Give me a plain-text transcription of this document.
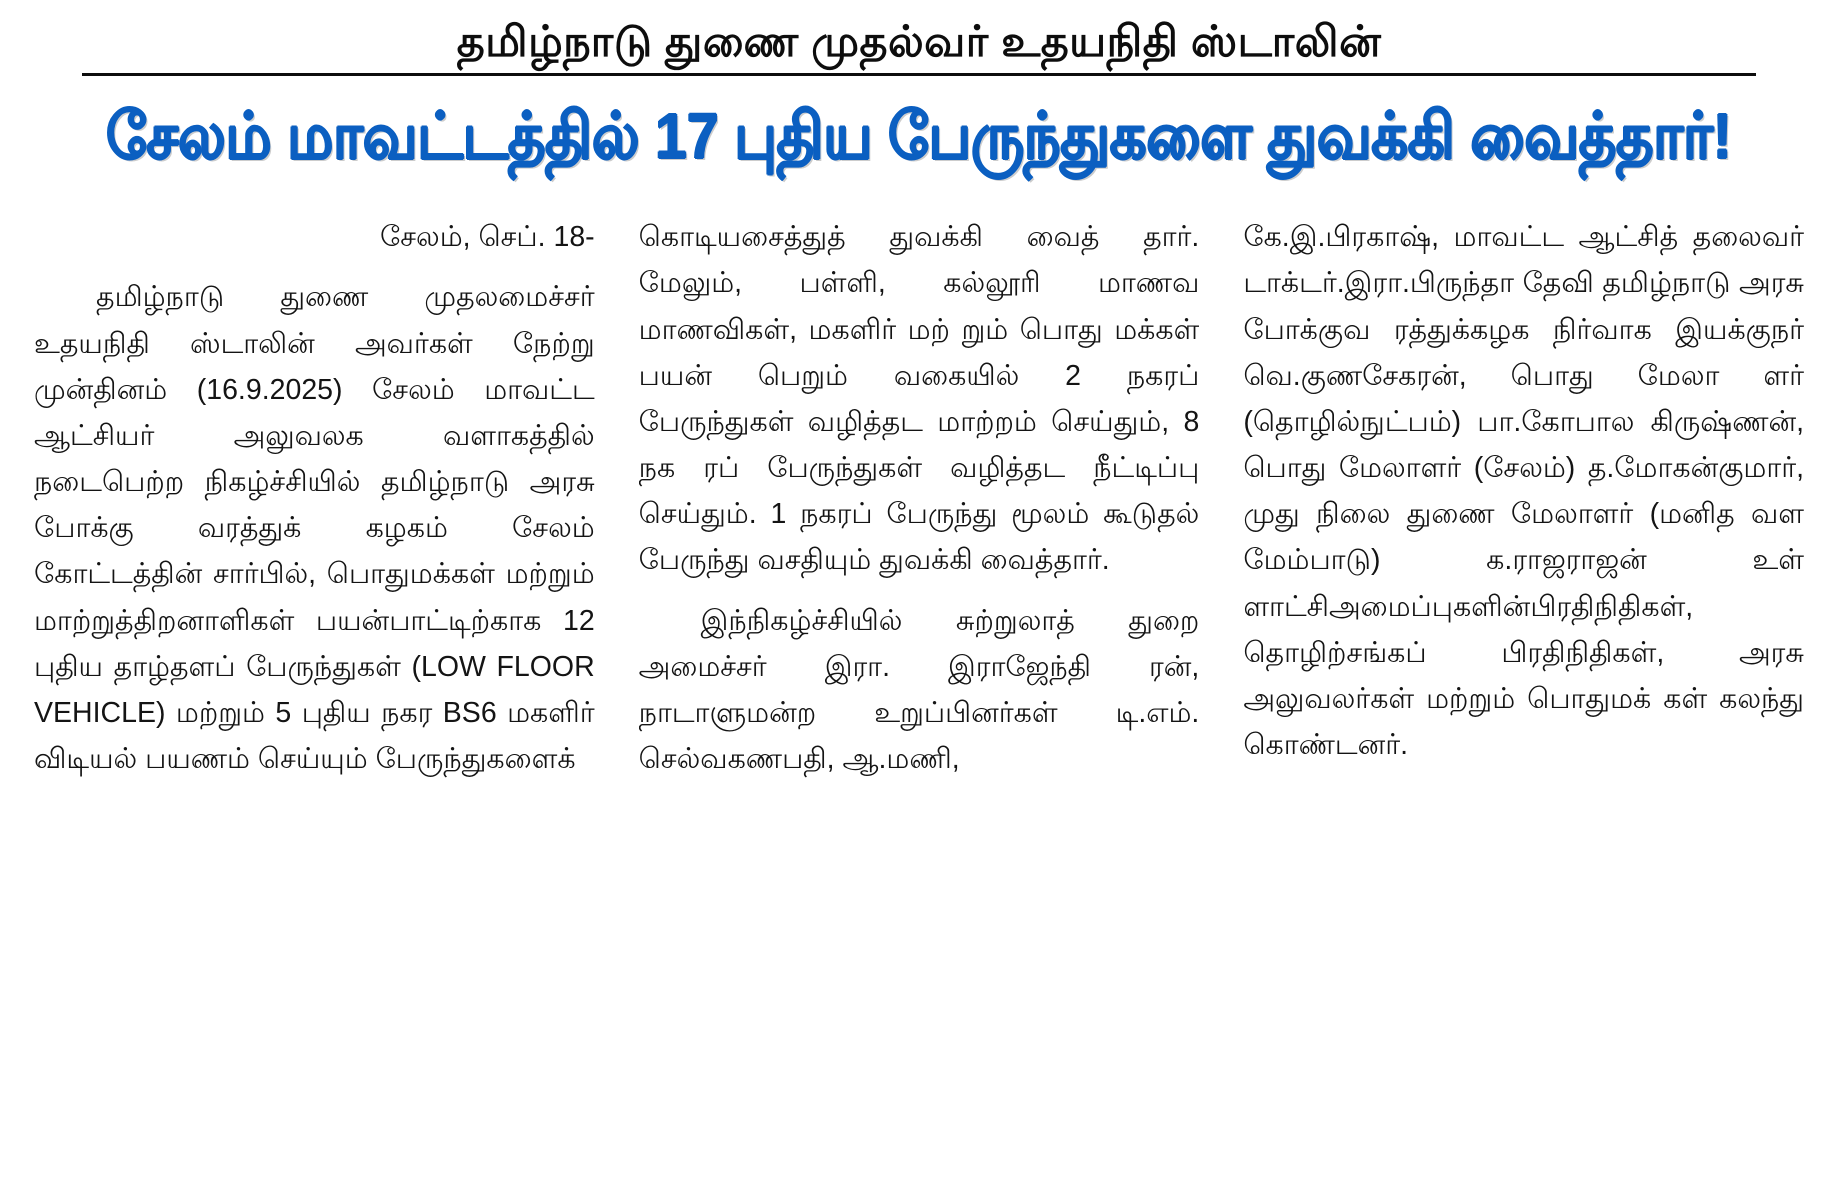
தமிழ்நாடு துணை முதல்வர் உதயநிதி ஸ்டாலின்
சேலம் மாவட்டத்தில் 17 புதிய பேருந்துகளை துவக்கி வைத்தார்!

சேலம், செப். 18-

தமிழ்நாடு துணை முதலமைச்சர் உதயநிதி ஸ்டாலின் அவர்கள் நேற்று முன்தினம் (16.9.2025) சேலம் மாவட்ட ஆட்சியர் அலுவலக வளாகத்தில் நடைபெற்ற நிகழ்ச்சியில் தமிழ்நாடு அரசு போக்கு வரத்துக் கழகம் சேலம் கோட்டத்தின் சார்பில், பொதுமக்கள் மற்றும் மாற்றுத்திறனாளிகள் பயன்பாட்டிற்காக 12 புதிய தாழ்தளப் பேருந்துகள் (LOW FLOOR VEHICLE) மற்றும் 5 புதிய நகர BS6 மகளிர் விடியல் பயணம் செய்யும் பேருந்துகளைக்

கொடியசைத்துத் துவக்கி வைத் தார். மேலும், பள்ளி, கல்லூரி மாணவ மாணவிகள், மகளிர் மற் றும் பொது மக்கள் பயன் பெறும் வகையில் 2 நகரப் பேருந்துகள் வழித்தட மாற்றம் செய்தும், 8 நக ரப் பேருந்துகள் வழித்தட நீட்டிப்பு செய்தும். 1 நகரப் பேருந்து மூலம் கூடுதல் பேருந்து வசதியும் துவக்கி வைத்தார்.

இந்நிகழ்ச்சியில் சுற்றுலாத் துறை அமைச்சர் இரா. இராஜேந்தி ரன், நாடாளுமன்ற உறுப்பினர்கள் டி.எம். செல்வகணபதி, ஆ.மணி,

கே.இ.பிரகாஷ், மாவட்ட ஆட்சித் தலைவர் டாக்டர்.இரா.பிருந்தா தேவி தமிழ்நாடு அரசு போக்குவ ரத்துக்கழக நிர்வாக இயக்குநர் வெ.குணசேகரன், பொது மேலா ளர் (தொழில்நுட்பம்) பா.கோபால கிருஷ்ணன், பொது மேலாளர் (சேலம்) த.மோகன்குமார், முது நிலை துணை மேலாளர் (மனித வள மேம்பாடு) க.ராஜராஜன் உள் ளாட்சிஅமைப்புகளின்பிரதிநிதிகள், தொழிற்சங்கப் பிரதிநிதிகள், அரசு அலுவலர்கள் மற்றும் பொதுமக் கள் கலந்து கொண்டனர்.
